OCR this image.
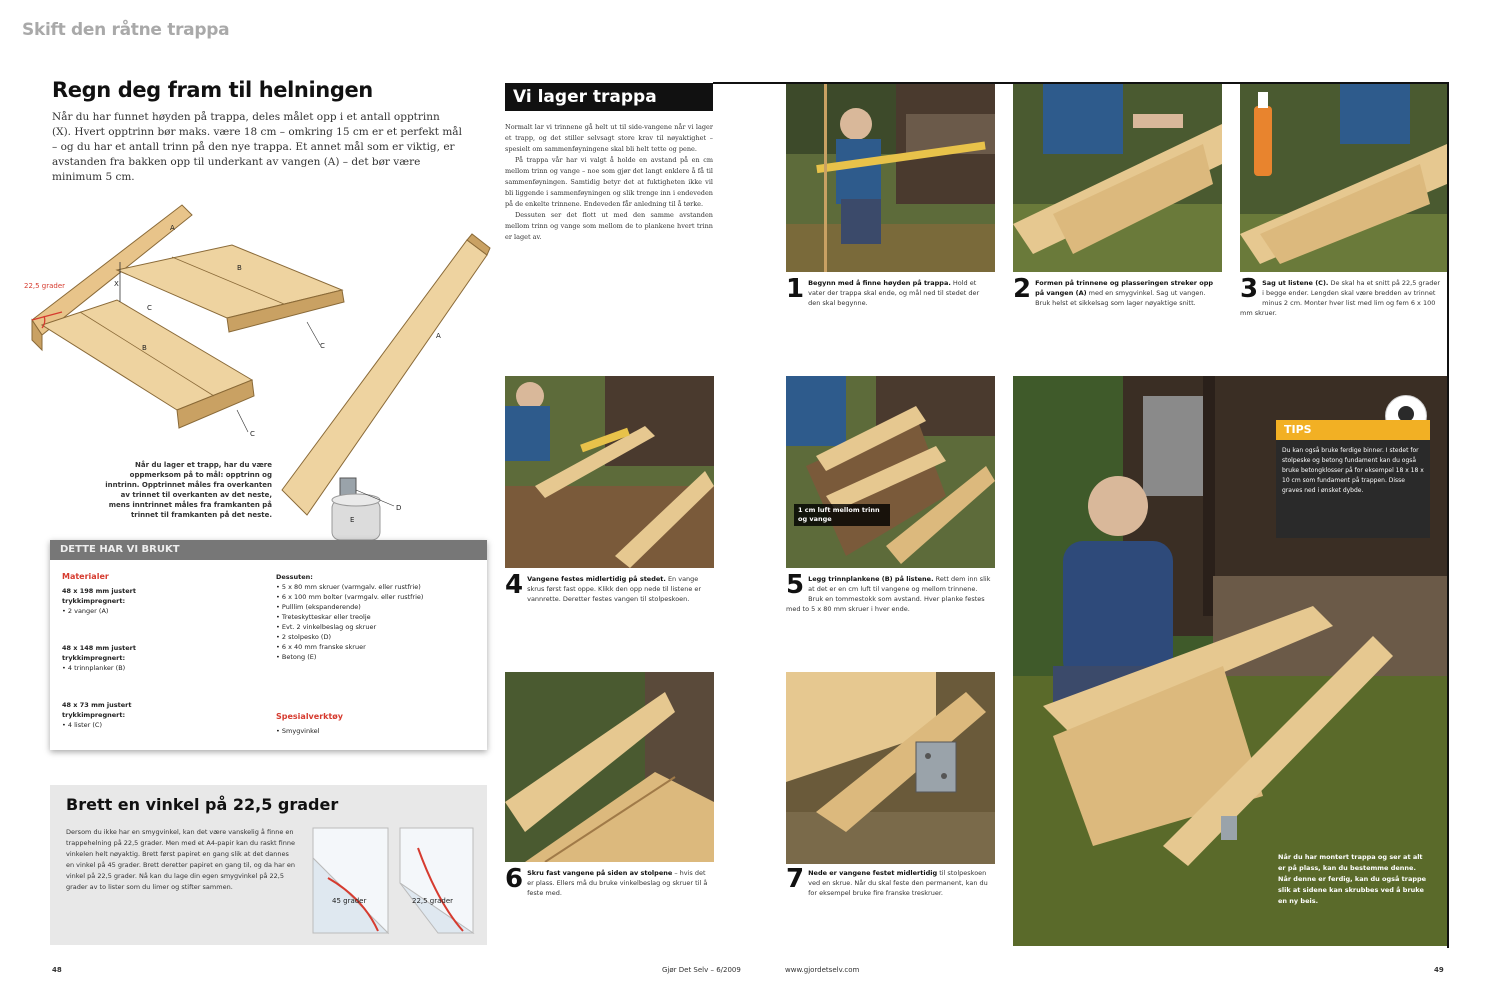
Skift den råtne trappa
Regn deg fram til helningen
Når du har funnet høyden på trappa, deles målet opp i et antall opptrinn (X). Hvert opptrinn bør maks. være 18 cm – omkring 15 cm er et perfekt mål – og du har et antall trinn på den nye trappa. Et annet mål som er viktig, er avstanden fra bakken opp til underkant av vangen (A) – det bør være minimum 5 cm.
22,5 grader
A
B
B
C
C
C
X
A
D
E
Når du lager et trapp, har du være oppmerksom på to mål: opptrinn og inntrinn. Opptrinnet måles fra overkanten av trinnet til overkanten av det neste, mens inntrinnet måles fra framkanten på trinnet til framkanten på det neste.
DETTE HAR VI BRUKT
Materialer
48 x 198 mm justert
trykkimpregnert:
• 2 vanger (A)
48 x 148 mm justert
trykkimpregnert:
• 4 trinnplanker (B)
48 x 73 mm justert
trykkimpregnert:
• 4 lister (C)
Dessuten:
• 5 x 80 mm skruer (varmgalv. eller rustfrie)
• 6 x 100 mm bolter (varmgalv. eller rustfrie)
• Pulllim (ekspanderende)
• Treteskytteskar eller treolje
• Evt. 2 vinkelbeslag og skruer
• 2 stolpesko (D)
• 6 x 40 mm franske skruer
• Betong (E)
Spesialverktøy
• Smygvinkel
Brett en vinkel på 22,5 grader

Dersom du ikke har en smygvinkel, kan det være vanskelig å finne en trappehelning på 22,5 grader. Men med et A4-papir kan du raskt finne vinkelen helt nøyaktig. Brett først papiret en gang slik at det dannes en vinkel på 45 grader. Brett deretter papiret en gang til, og da har en vinkel på 22,5 grader. Nå kan du lage din egen smygvinkel på 22,5 grader av to lister som du limer og stifter sammen.

45 grader	22,5 grader
48	Gjør Det Selv – 6/2009	www.gjordetselv.com	49
Vi lager trappa
Normalt lar vi trinnene gå helt ut til side-vangene når vi lager et trapp, og det stiller selvsagt store krav til nøyaktighet – spesielt om sammenføyningene skal bli helt tette og pene.
På trappa vår har vi valgt å holde en avstand på en cm mellom trinn og vange – noe som gjør det langt enklere å få til sammenføyningen. Samtidig betyr det at fuktigheten ikke vil bli liggende i sammenføyningen og slik trenge inn i endeveden på de enkelte trinnene. Endeveden får anledning til å tørke.
Dessuten ser det flott ut med den samme avstanden mellom trinn og vange som mellom de to plankene hvert trinn er laget av.
1 Begynn med å finne høyden på trappa. Hold et vater der trappa skal ende, og mål ned til stedet der den skal begynne.	2 Formen på trinnene og plasseringen streker opp på vangen (A) med en smygvinkel. Sag ut vangen. Bruk helst et sikkelsag som lager nøyaktige snitt.	3 Sag ut listene (C). De skal ha et snitt på 22,5 grader i begge ender. Lengden skal være bredden av trinnet minus 2 cm. Monter hver list med lim og fem 6 x 100 mm skruer.
1 cm luft mellom trinn og vange
4 Vangene festes midlertidig på stedet. En vange skrus først fast oppe. Klikk den opp nede til listene er vannrette. Deretter festes vangen til stolpeskoen.	5 Legg trinnplankene (B) på listene. Rett dem inn slik at det er en cm luft til vangene og mellom trinnene. Bruk en tommestokk som avstand. Hver planke festes med to 5 x 80 mm skruer i hver ende.
6 Skru fast vangene på siden av stolpene – hvis det er plass. Ellers må du bruke vinkelbeslag og skruer til å feste med.	7 Nede er vangene festet midlertidig til stolpeskoen ved en skrue. Når du skal feste den permanent, kan du for eksempel bruke fire franske treskruer.
TIPS
Du kan også bruke ferdige binner. I stedet for stolpeske og betong fundament kan du også bruke betongklosser på for eksempel 18 x 18 x 10 cm som fundament på trappen. Disse graves ned i ønsket dybde.
Når du har montert trappa og ser at alt er på plass, kan du bestemme denne. Når denne er ferdig, kan du også trappe slik at sidene kan skrubbes ved å bruke en ny beis.
